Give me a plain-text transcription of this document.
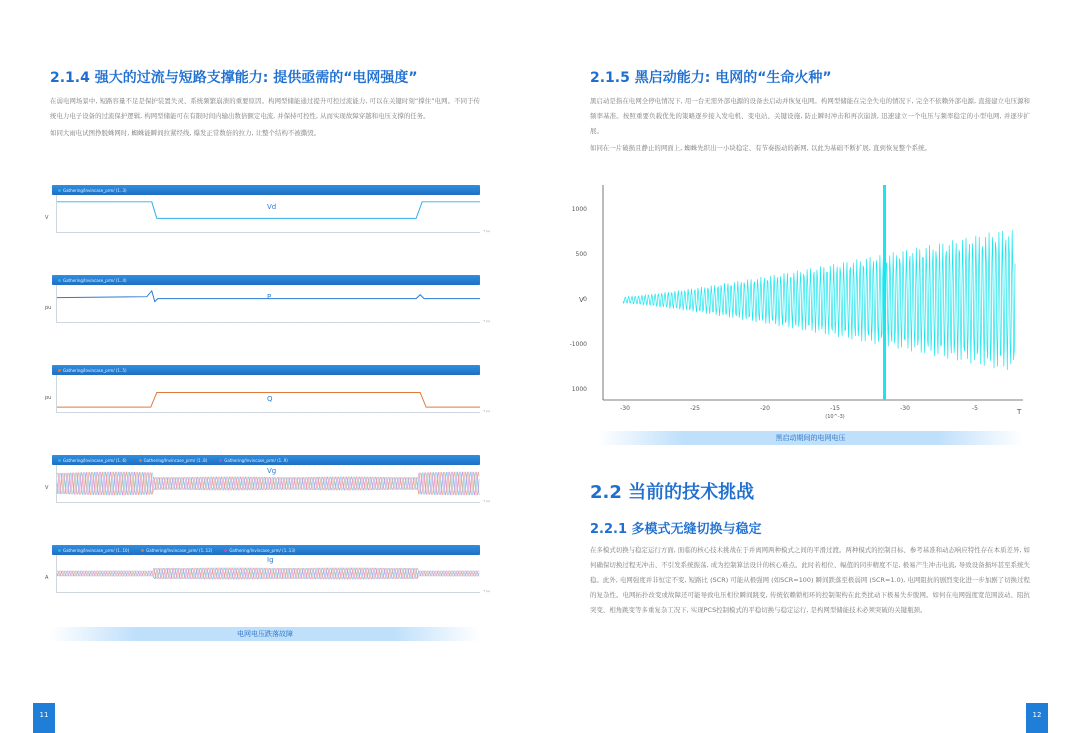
2.1.4 强大的过流与短路支撑能力: 提供亟需的“电网强度”

在弱电网场景中, 短路容量不足是保护装置失灵、系统频繁崩溃的重要原因。构网型储能通过提升可控过流能力, 可以在关键时刻“撑住”电网。不同于传统电力电子设备的过流保护逻辑, 构网型储能可在有限时间内输出数倍额定电流, 并保持可控性, 从而实现故障穿越和电压支撑的任务。

如同大雨电试图挣脱蛛网时, 蜘蛛能瞬间拉紧经线, 爆发正常数倍的拉力, 让整个结构不被撕毁。

Gathering/Invincase_prm/ (1..3)
V
Vd
·	·	·	·	·	·	·	·	·	·	·	·	·	·	·	·	·	·	·	·	·	·	·	·
T (s)
Gathering/Invincase_prm/ (1..4)
pu
P
·	·	·	·	·	·	·	·	·	·	·	·	·	·	·	·	·	·	·	·	·	·	·	·
T (s)
Gathering/Invincase_prm/ (1..5)
pu	Q
·	·	·	·	·	·	·	·	·	·	·	·	·	·	·	·	·	·	·	·	·	·	·	·
T (s)
Gathering/Invincase_prm/ (1..6)	Gathering/Invincase_prm/ (1..8)	Gathering/Invincase_prm/ (1..9)
V
Vg
·	·	·	·	·	·	·	·	·	·	·	·	·	·	·	·	·	·	·	·	·	·	·	·
T (s)
Gathering/Invincase_prm/ (1..10)	Gathering/Invincase_prm/ (1..12)	Gathering/Invincase_prm/ (1..13)
A
Ig
·	·	·	·	·	·	·	·	·	·	·	·	·	·	·	·	·	·	·	·	·	·	·	·
T (s)
电网电压跌落故障
2.1.5 黑启动能力: 电网的“生命火种”

黑启动是指在电网全停电情况下, 用一台无需外部电源的设备去启动并恢复电网。构网型储能在完全失电的情况下, 完全不依赖外部电源, 直接建立电压源和频率基准。按照重要负载优先的策略逐步接入发电机、变电站、关键设施, 防止瞬时冲击和再次崩溃, 迅速建立一个电压与频率稳定的小型电网, 并逐步扩展。

如同在一片破损且静止的网面上, 蜘蛛先织出一小块稳定、有节奏振动的新网, 以此为基础不断扩展, 直到恢复整个系统。

1000
500
0
-1000
1000
V
-30	-25	-20	-15	-30	-5
(10^-3)
T
黑启动期间的电网电压
2.2 当前的技术挑战
2.2.1 多模式无缝切换与稳定

在多模式切换与稳定运行方面, 面临的核心技术挑战在于并离网两种模式之间的平滑过渡。两种模式的控制目标、参考基准和动态响应特性存在本质差异, 如何确保切换过程无冲击、不引发系统振荡, 成为控制算法设计的核心难点。此时若相位、幅值的同步精度不足, 极易产生冲击电流, 导致设备损坏甚至系统失稳。此外, 电网强度并非恒定不变, 短路比 (SCR) 可能从极强网 (如SCR=100) 瞬间跌落至极弱网 (SCR=1.0), 电网阻抗的剧烈变化进一步加剧了切换过程的复杂性。电网拓扑改变或故障还可能导致电压相位瞬间跳变, 传统依赖锁相环的控制架构在此类扰动下极易失步脱网。如何在电网强度宽范围波动、阻抗突变、相角跳变等多重复杂工况下, 实现PCS控制模式的平稳切换与稳定运行, 是构网型储能技术必须突破的关键瓶颈。

11	12
